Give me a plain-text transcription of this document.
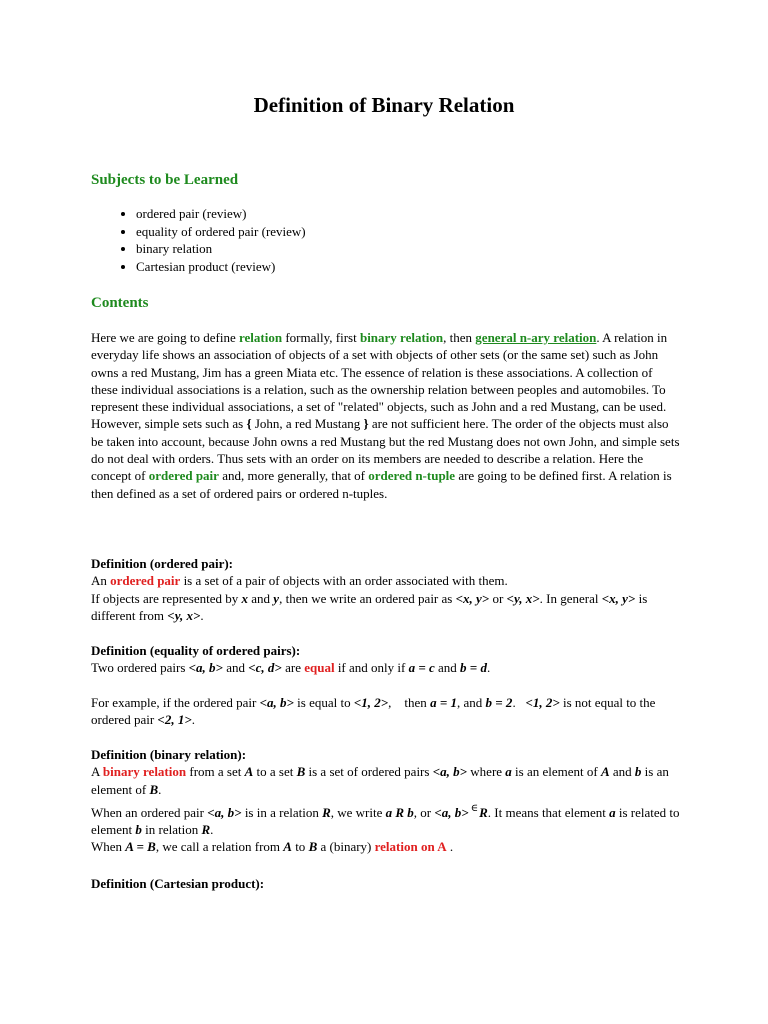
Definition of Binary Relation
Subjects to be Learned
• ordered pair (review)
• equality of ordered pair (review)
• binary relation
• Cartesian product (review)
Contents
Here we are going to define relation formally, first binary relation, then general n-ary relation. A relation in everyday life shows an association of objects of a set with objects of other sets (or the same set) such as John owns a red Mustang, Jim has a green Miata etc. The essence of relation is these associations. A collection of these individual associations is a relation, such as the ownership relation between peoples and automobiles. To represent these individual associations, a set of "related" objects, such as John and a red Mustang, can be used. However, simple sets such as { John, a red Mustang } are not sufficient here. The order of the objects must also be taken into account, because John owns a red Mustang but the red Mustang does not own John, and simple sets do not deal with orders. Thus sets with an order on its members are needed to describe a relation. Here the concept of ordered pair and, more generally, that of ordered n-tuple are going to be defined first. A relation is then defined as a set of ordered pairs or ordered n-tuples.
Definition (ordered pair):
An ordered pair is a set of a pair of objects with an order associated with them.
If objects are represented by x and y, then we write an ordered pair as <x, y> or <y, x>. In general <x, y> is different from <y, x>.
Definition (equality of ordered pairs):
Two ordered pairs <a, b> and <c, d> are equal if and only if a = c and b = d.
For example, if the ordered pair <a, b> is equal to <1, 2>,    then a = 1, and b = 2.   <1, 2> is not equal to the ordered pair <2, 1>.
Definition (binary relation):
A binary relation from a set A to a set B is a set of ordered pairs <a, b> where a is an element of A and b is an element of B.
When an ordered pair <a, b> is in a relation R, we write a R b, or <a, b> ∈R. It means that element a is related to element b in relation R.
When A = B, we call a relation from A to B a (binary) relation on A .
Definition (Cartesian product):
